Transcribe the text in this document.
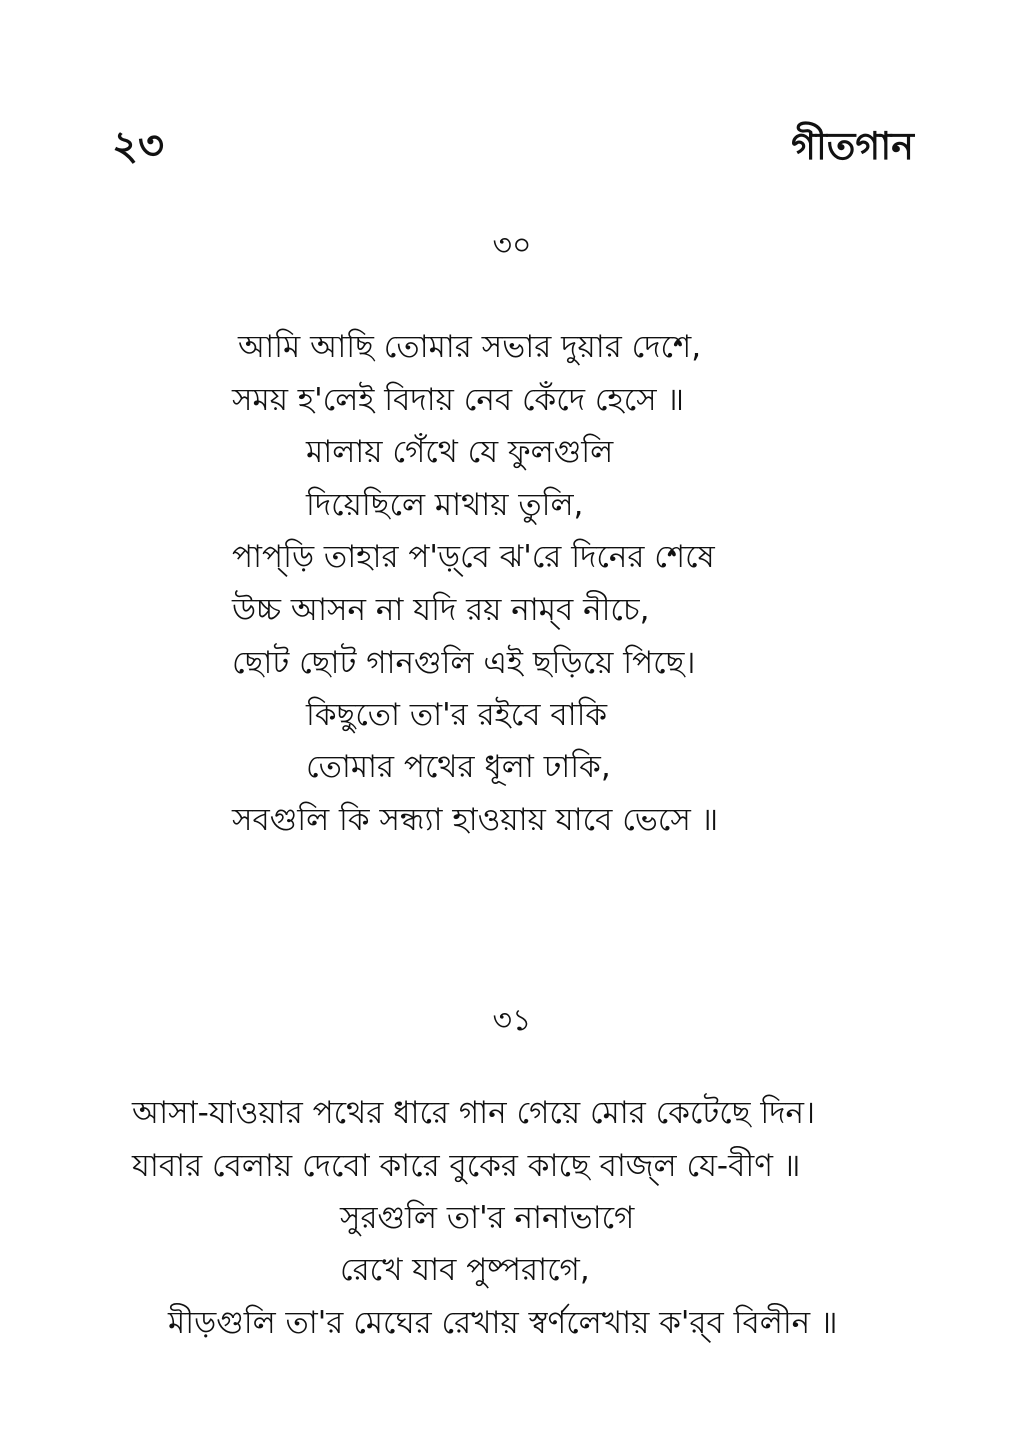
২৩	গীতগান
৩০
আমি আছি তোমার সভার দুয়ার দেশে,
সময় হ'লেই বিদায় নেব কেঁদে হেসে ॥
মালায় গেঁথে যে ফুলগুলি
দিয়েছিলে মাথায় তুলি,
পাপ্‌ড়ি তাহার প'ড়্‌বে ঝ'রে দিনের শেষে
উচ্চ আসন না যদি রয় নাম্‌ব নীচে,
ছোট ছোট গানগুলি এই ছড়িয়ে পিছে।
কিছুতো তা'র রইবে বাকি
তোমার পথের ধূলা ঢাকি,
সবগুলি কি সন্ধ্যা হাওয়ায় যাবে ভেসে ॥
৩১
আসা-যাওয়ার পথের ধারে গান গেয়ে মোর কেটেছে দিন।
যাবার বেলায় দেবো কারে বুকের কাছে বাজ্‌ল যে-বীণ ॥
সুরগুলি তা'র নানাভাগে
রেখে যাব পুষ্পরাগে,
মীড়গুলি তা'র মেঘের রেখায় স্বর্ণলেখায় ক'র্‌ব বিলীন ॥
